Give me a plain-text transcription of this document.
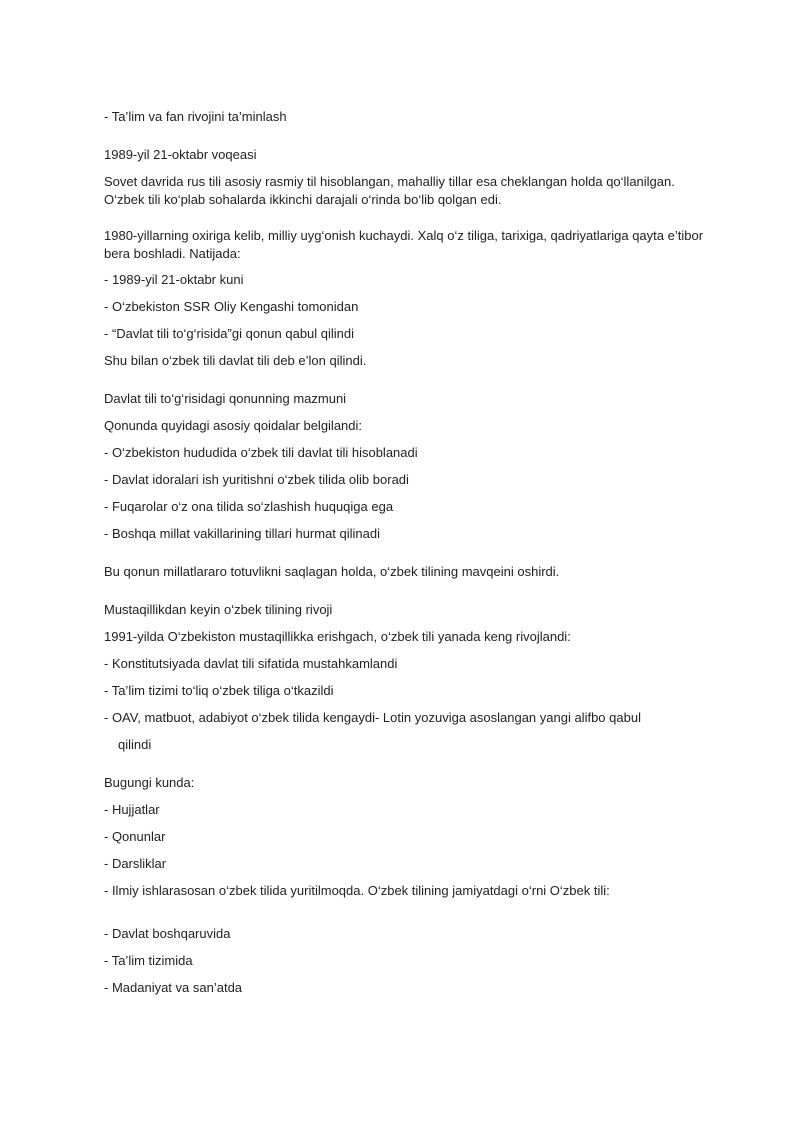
- Ta’lim va fan rivojini ta’minlash
1989-yil 21-oktabr voqeasi
Sovet davrida rus tili asosiy rasmiy til hisoblangan, mahalliy tillar esa cheklangan holda qo‘llanilgan. O‘zbek tili ko‘plab sohalarda ikkinchi darajali o‘rinda bo‘lib qolgan edi.
1980-yillarning oxiriga kelib, milliy uyg‘onish kuchaydi. Xalq o‘z tiliga, tarixiga, qadriyatlariga qayta e’tibor bera boshladi. Natijada:
- 1989-yil 21-oktabr kuni
- O‘zbekiston SSR Oliy Kengashi tomonidan
- “Davlat tili to‘g‘risida”gi qonun qabul qilindi
Shu bilan o‘zbek tili davlat tili deb e’lon qilindi.
Davlat tili to‘g‘risidagi qonunning mazmuni
Qonunda quyidagi asosiy qoidalar belgilandi:
- O‘zbekiston hududida o‘zbek tili davlat tili hisoblanadi
- Davlat idoralari ish yuritishni o‘zbek tilida olib boradi
- Fuqarolar o‘z ona tilida so‘zlashish huquqiga ega
- Boshqa millat vakillarining tillari hurmat qilinadi
Bu qonun millatlararo totuvlikni saqlagan holda, o‘zbek tilining mavqeini oshirdi.
Mustaqillikdan keyin o‘zbek tilining rivoji
1991-yilda O‘zbekiston mustaqillikka erishgach, o‘zbek tili yanada keng rivojlandi:
- Konstitutsiyada davlat tili sifatida mustahkamlandi
- Ta’lim tizimi to‘liq o‘zbek tiliga o‘tkazildi
- OAV, matbuot, adabiyot o‘zbek tilida kengaydi- Lotin yozuviga asoslangan yangi alifbo qabul
qilindi
Bugungi kunda:
- Hujjatlar
- Qonunlar
- Darsliklar
- Ilmiy ishlarasosan o‘zbek tilida yuritilmoqda. O‘zbek tilining jamiyatdagi o‘rni O‘zbek tili:
- Davlat boshqaruvida
- Ta’lim tizimida
- Madaniyat va san’atda
